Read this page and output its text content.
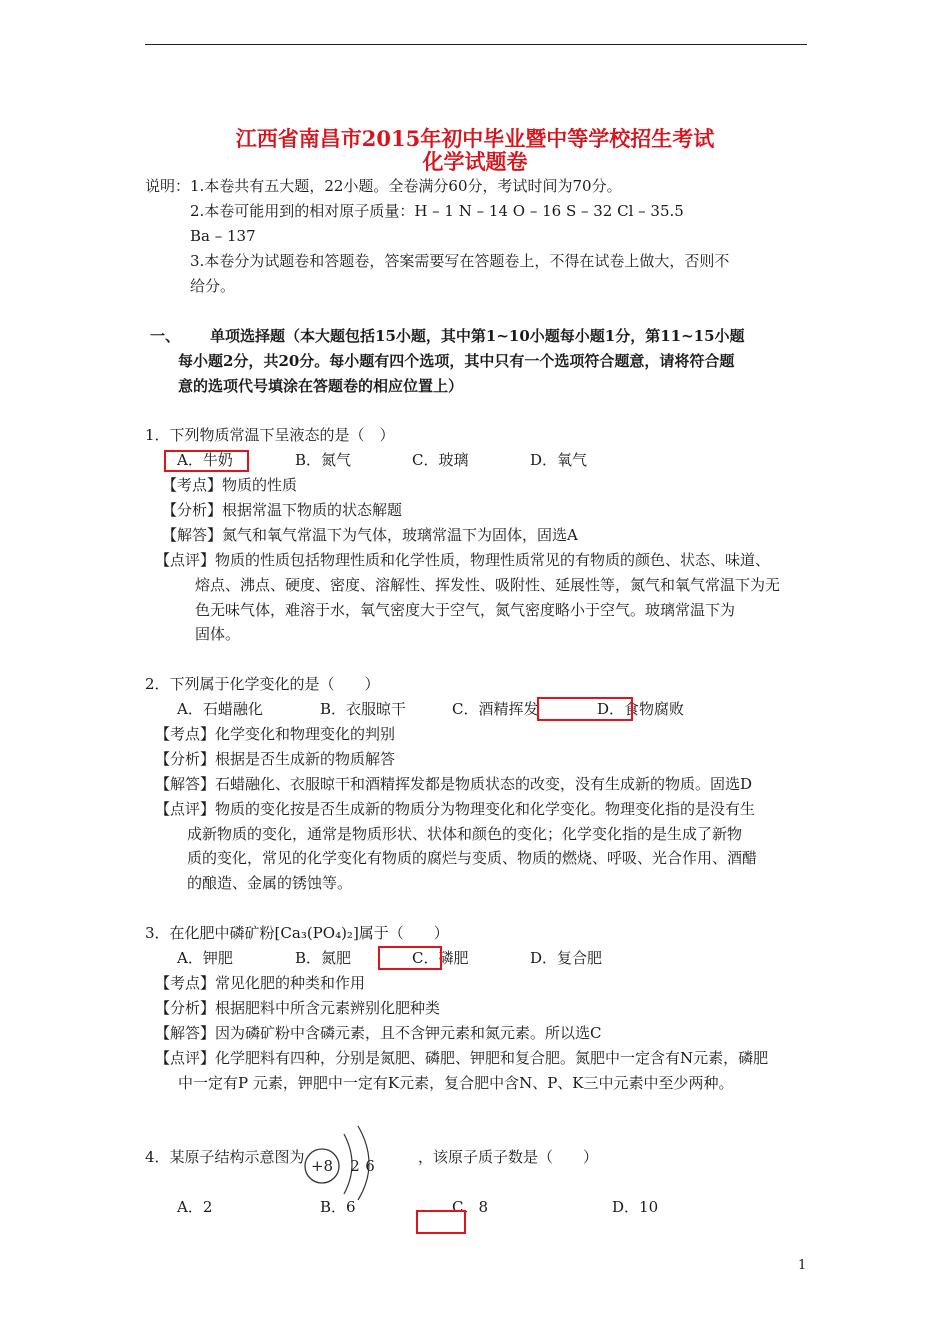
江西省南昌市2015年初中毕业暨中等学校招生考试
化学试题卷
说明：1.本卷共有五大题，22小题。全卷满分60分，考试时间为70分。
2.本卷可能用到的相对原子质量：H – 1 N – 14 O – 16 S – 32 Cl – 35.5
Ba – 137
3.本卷分为试题卷和答题卷，答案需要写在答题卷上，不得在试卷上做大，否则不
给分。
一、 单项选择题（本大题包括15小题，其中第1~10小题每小题1分，第11~15小题
每小题2分，共20分。每小题有四个选项，其中只有一个选项符合题意，请将符合题
意的选项代号填涂在答题卷的相应位置上）
1．下列物质常温下呈液态的是（　）
A．牛奶	B．氮气	C．玻璃	D．氧气
【考点】物质的性质
【分析】根据常温下物质的状态解题
【解答】氮气和氧气常温下为气体，玻璃常温下为固体，固选A
【点评】物质的性质包括物理性质和化学性质，物理性质常见的有物质的颜色、状态、味道、
熔点、沸点、硬度、密度、溶解性、挥发性、吸附性、延展性等，氮气和氧气常温下为无
色无味气体，难溶于水，氧气密度大于空气，氮气密度略小于空气。玻璃常温下为
固体。
2．下列属于化学变化的是（　　）
A．石蜡融化	B．衣服晾干	C．酒精挥发	D．食物腐败
【考点】化学变化和物理变化的判别
【分析】根据是否生成新的物质解答
【解答】石蜡融化、衣服晾干和酒精挥发都是物质状态的改变，没有生成新的物质。固选D
【点评】物质的变化按是否生成新的物质分为物理变化和化学变化。物理变化指的是没有生
成新物质的变化，通常是物质形状、状体和颜色的变化；化学变化指的是生成了新物
质的变化，常见的化学变化有物质的腐烂与变质、物质的燃烧、呼吸、光合作用、酒醋
的酿造、金属的锈蚀等。
3．在化肥中磷矿粉[Ca₃(PO₄)₂]属于（　　）
A．钾肥	B．氮肥	C．磷肥	D．复合肥
【考点】常见化肥的种类和作用
【分析】根据肥料中所含元素辨别化肥种类
【解答】因为磷矿粉中含磷元素，且不含钾元素和氮元素。所以选C
【点评】化学肥料有四种，分别是氮肥、磷肥、钾肥和复合肥。氮肥中一定含有N元素，磷肥
中一定有P 元素，钾肥中一定有K元素，复合肥中含N、P、K三中元素中至少两种。
4．某原子结构示意图为 +8 2 6	，该原子质子数是（　　）
A．2	B．6	C．8	D．10
1
